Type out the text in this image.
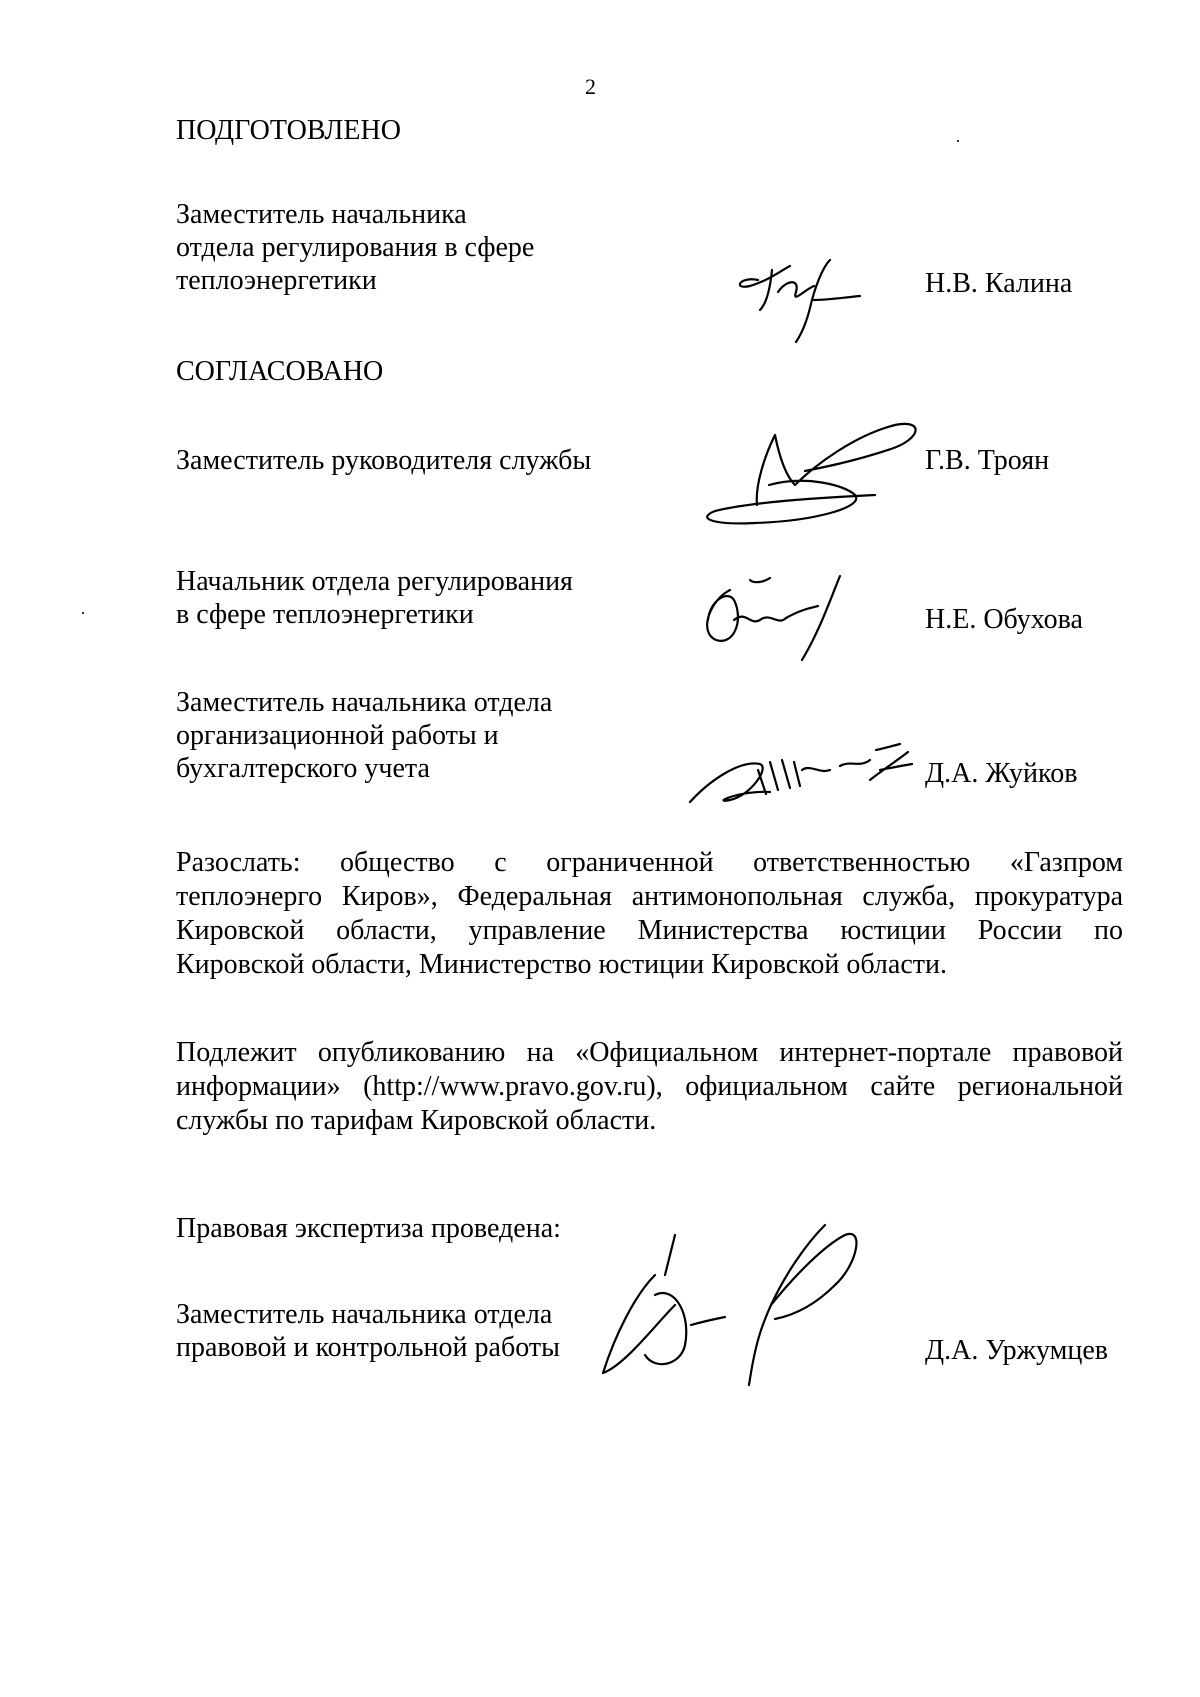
2
ПОДГОТОВЛЕНО
Заместитель начальника
отдела регулирования в сфере
теплоэнергетики	Н.В. Калина
СОГЛАСОВАНО
Заместитель руководителя службы	Г.В. Троян
Начальник отдела регулирования
в сфере теплоэнергетики	Н.Е. Обухова
Заместитель начальника отдела
организационной работы и
бухгалтерского учета	Д.А. Жуйков
Разослать: общество с ограниченной ответственностью «Газпром
теплоэнерго Киров», Федеральная антимонопольная служба, прокуратура
Кировской области, управление Министерства юстиции России по
Кировской области, Министерство юстиции Кировской области.
Подлежит опубликованию на «Официальном интернет-портале правовой
информации» (http://www.pravo.gov.ru), официальном сайте региональной
службы по тарифам Кировской области.
Правовая экспертиза проведена:
Заместитель начальника отдела
правовой и контрольной работы	Д.А. Уржумцев
